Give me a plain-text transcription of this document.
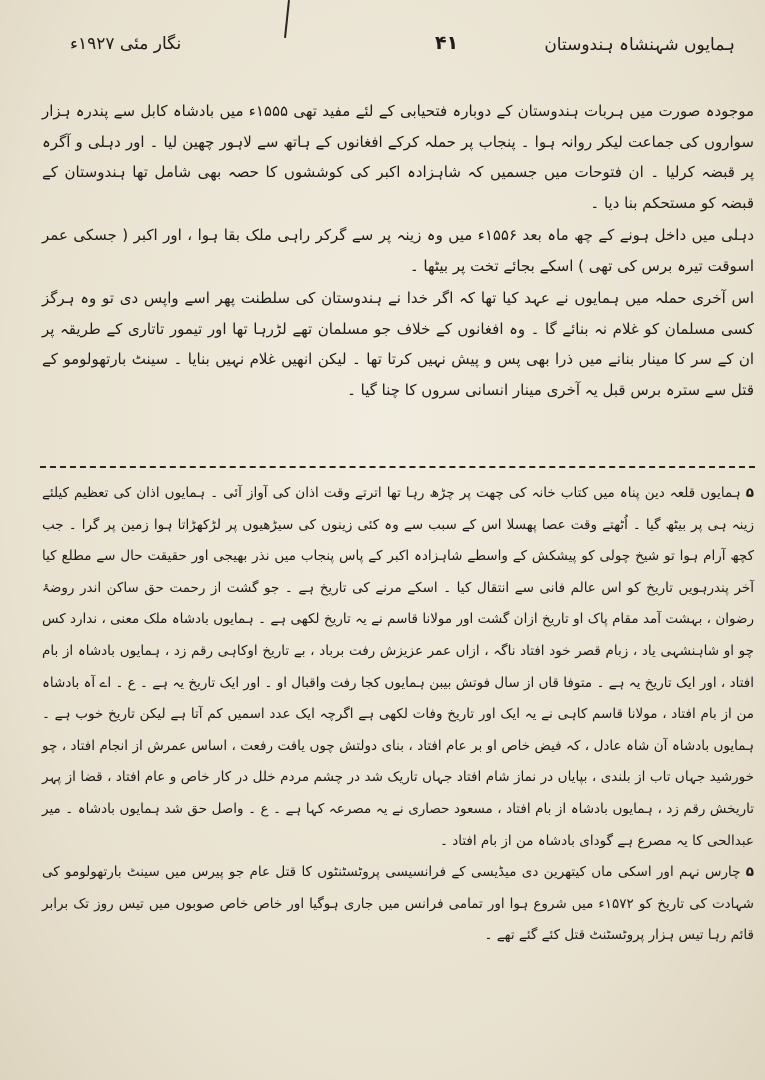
ہمایوں شہنشاہ ہندوستان
۴۱
نگار مئی ۱۹۲۷ء

موجودہ صورت میں ہربات ہندوستان کے دوبارہ فتحیابی کے لئے مفید تھی ۱۵۵۵ء میں بادشاہ کابل سے پندرہ ہزار سواروں کی جماعت لیکر روانہ ہوا ۔ پنجاب پر حملہ کرکے افغانوں کے ہاتھ سے لاہور چھین لیا ۔ اور دہلی و آگرہ پر قبضہ کرلیا ۔ ان فتوحات میں جسمیں کہ شاہزادہ اکبر کی کوششوں کا حصہ بھی شامل تھا ہندوستان کے قبضہ کو مستحکم بنا دیا ۔

دہلی میں داخل ہونے کے چھ ماہ بعد ۱۵۵۶ء میں وہ زینہ پر سے گرکر راہی ملک بقا ہوا ، اور اکبر ( جسکی عمر اسوقت تیرہ برس کی تھی ) اسکے بجائے تخت پر بیٹھا ۔

اس آخری حملہ میں ہمایوں نے عہد کیا تھا کہ اگر خدا نے ہندوستان کی سلطنت پھر اسے واپس دی تو وہ ہرگز کسی مسلمان کو غلام نہ بنائے گا ۔ وہ افغانوں کے خلاف جو مسلمان تھے لڑرہا تھا اور تیمور تاتاری کے طریقہ پر ان کے سر کا مینار بنانے میں ذرا بھی پس و پیش نہیں کرتا تھا ۔ لیکن انھیں غلام نہیں بنایا ۔ سینٹ بارتھولومو کے قتل سے سترہ برس قبل یہ آخری مینار انسانی سروں کا چنا گیا ۔

۵ ہمایوں قلعہ دین پناہ میں کتاب خانہ کی چھت پر چڑھ رہا تھا اترتے وقت اذان کی آواز آئی ۔ ہمایوں اذان کی تعظیم کیلئے زینہ ہی پر بیٹھ گیا ۔ اُٹھتے وقت عصا پھسلا اس کے سبب سے وہ کئی زینوں کی سیڑھیوں پر لڑکھڑاتا ہوا زمین پر گرا ۔ جب کچھ آرام ہوا تو شیخ چولی کو پیشکش کے واسطے شاہزادہ اکبر کے پاس پنجاب میں نذر بھیجی اور حقیقت حال سے مطلع کیا آخر پندرہویں تاریخ کو اس عالم فانی سے انتقال کیا ۔ اسکے مرنے کی تاریخ ہے ۔ جو گشت از رحمت حق ساکن اندر روضۂ رضوان ، بہشت آمد مقام پاک او تاریخ ازان گشت اور مولانا قاسم نے یہ تاریخ لکھی ہے ۔ ہمایوں بادشاہ ملک معنی ، ندارد کس چو او شاہنشہی یاد ، زبام قصر خود افتاد ناگہ ، ازاں عمر عزیزش رفت برباد ، بے تاریخ اوکاہی رقم زد ، ہمایوں بادشاہ از بام افتاد ، اور ایک تاریخ یہ ہے ۔ متوفا قاں از سال فوتش بیبن ہمایوں کجا رفت واقبال او ۔ اور ایک تاریخ یہ ہے ۔ ع ۔ اے آہ بادشاہ من از بام افتاد ، مولانا قاسم کاہی نے یہ ایک اور تاریخ وفات لکھی ہے اگرچہ ایک عدد اسمیں کم آتا ہے لیکن تاریخ خوب ہے ۔ ہمایوں بادشاہ آن شاہ عادل ، کہ فیض خاص او بر عام افتاد ، بنای دولتش چوں یافت رفعت ، اساس عمرش از انجام افتاد ، چو خورشید جہاں تاب از بلندی ، بپایاں در نماز شام افتاد جہاں تاریک شد در چشم مردم خلل در کار خاص و عام افتاد ، قضا از پہر تاریخش رقم زد ، ہمایوں بادشاہ از بام افتاد ، مسعود حصاری نے یہ مصرعہ کہا ہے ۔ ع ۔ واصل حق شد ہمایوں بادشاہ ۔ میر عبدالحی کا یہ مصرع ہے گودای بادشاہ من از بام افتاد ۔

۵ چارس نہم اور اسکی ماں کیتھرین دی میڈیسی کے فرانسیسی پروٹسٹنٹوں کا قتل عام جو پیرس میں سینٹ بارتھولومو کی شہادت کی تاریخ کو ۱۵۷۲ء میں شروع ہوا اور تمامی فرانس میں جاری ہوگیا اور خاص خاص صوبوں میں تیس روز تک برابر قائم رہا تیس ہزار پروٹسٹنٹ قتل کئے گئے تھے ۔
